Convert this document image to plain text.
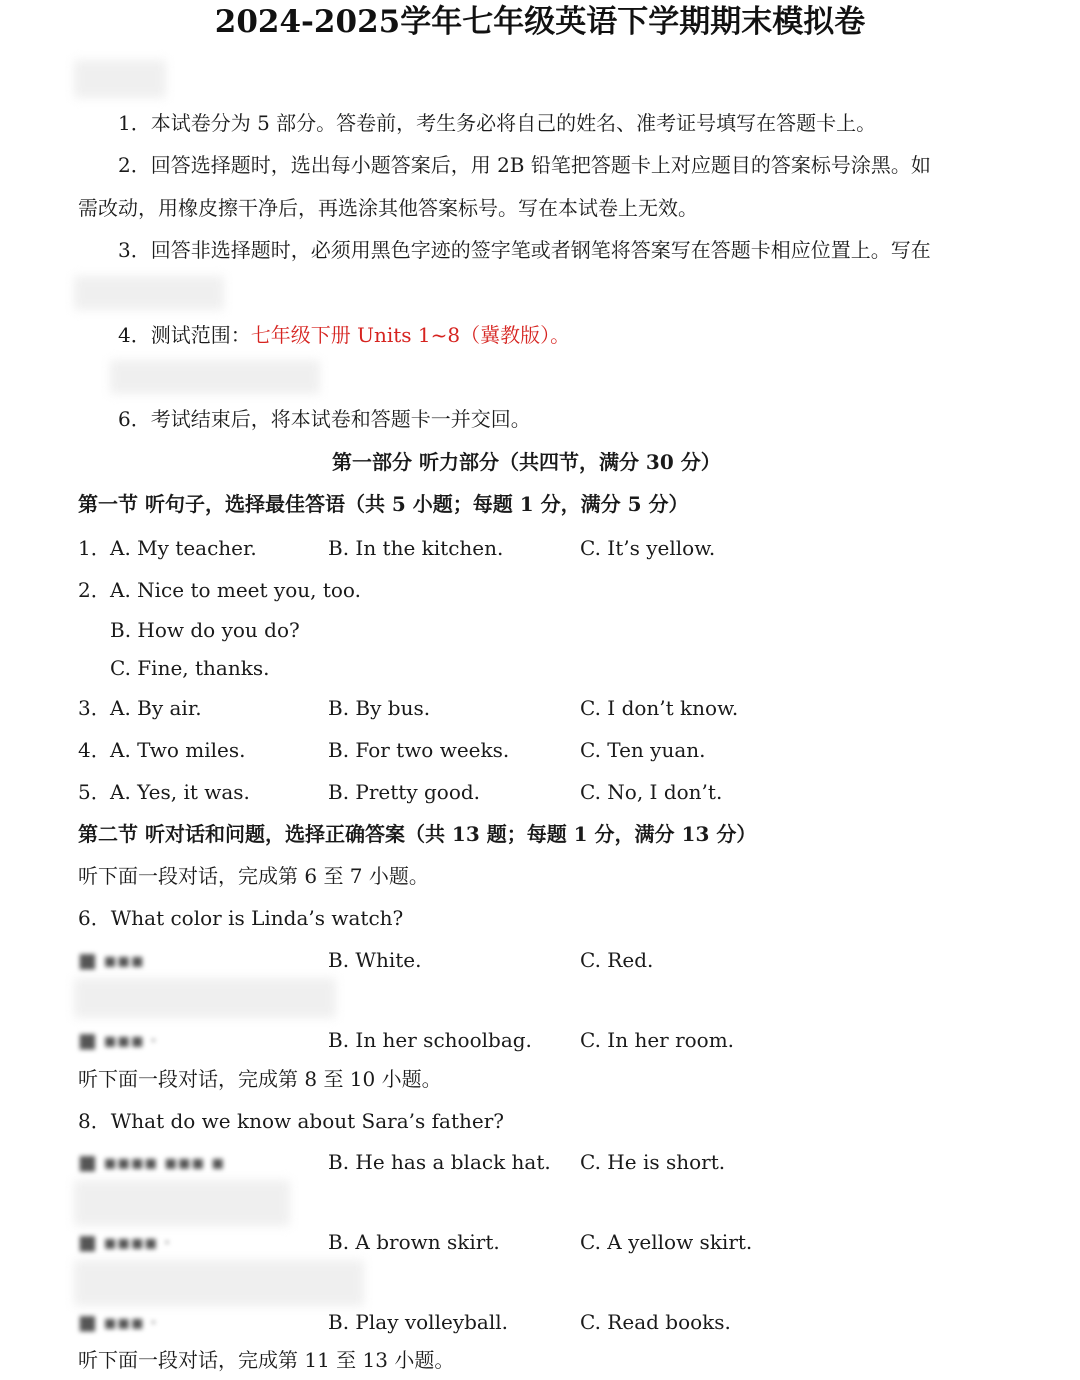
2024-2025学年七年级英语下学期期末模拟卷
1．本试卷分为 5 部分。答卷前，考生务必将自己的姓名、准考证号填写在答题卡上。
2．回答选择题时，选出每小题答案后，用 2B 铅笔把答题卡上对应题目的答案标号涂黑。如
需改动，用橡皮擦干净后，再选涂其他答案标号。写在本试卷上无效。
3．回答非选择题时，必须用黑色字迹的签字笔或者钢笔将答案写在答题卡相应位置上。写在
4．测试范围：七年级下册 Units 1~8（冀教版）。
6．考试结束后，将本试卷和答题卡一并交回。
第一部分 听力部分（共四节，满分 30 分）
第一节 听句子，选择最佳答语（共 5 小题；每题 1 分，满分 5 分）
1． A. My teacher.	B. In the kitchen.	C. It’s yellow.
2． A. Nice to meet you, too.
B. How do you do?
C. Fine, thanks.
3． A. By air.	B. By bus.	C. I don’t know.
4． A. Two miles.	B. For two weeks.	C. Ten yuan.
5． A. Yes, it was.	B. Pretty good.	C. No, I don’t.
第二节 听对话和问题，选择正确答案（共 13 题；每题 1 分，满分 13 分）
听下面一段对话，完成第 6 至 7 小题。
6．What color is Linda’s watch?
■ ▪▪▪	B. White.	C. Red.
■ ▪▪▪ ·	B. In her schoolbag. C. In her room.
听下面一段对话，完成第 8 至 10 小题。
8．What do we know about Sara’s father?
■ ▪▪▪▪ ▪▪▪ ▪	B. He has a black hat. C. He is short.
■ ▪▪▪▪ ·	B. A brown skirt.	C. A yellow skirt.
■ ▪▪▪ ·	B. Play volleyball.	C. Read books.
听下面一段对话，完成第 11 至 13 小题。
